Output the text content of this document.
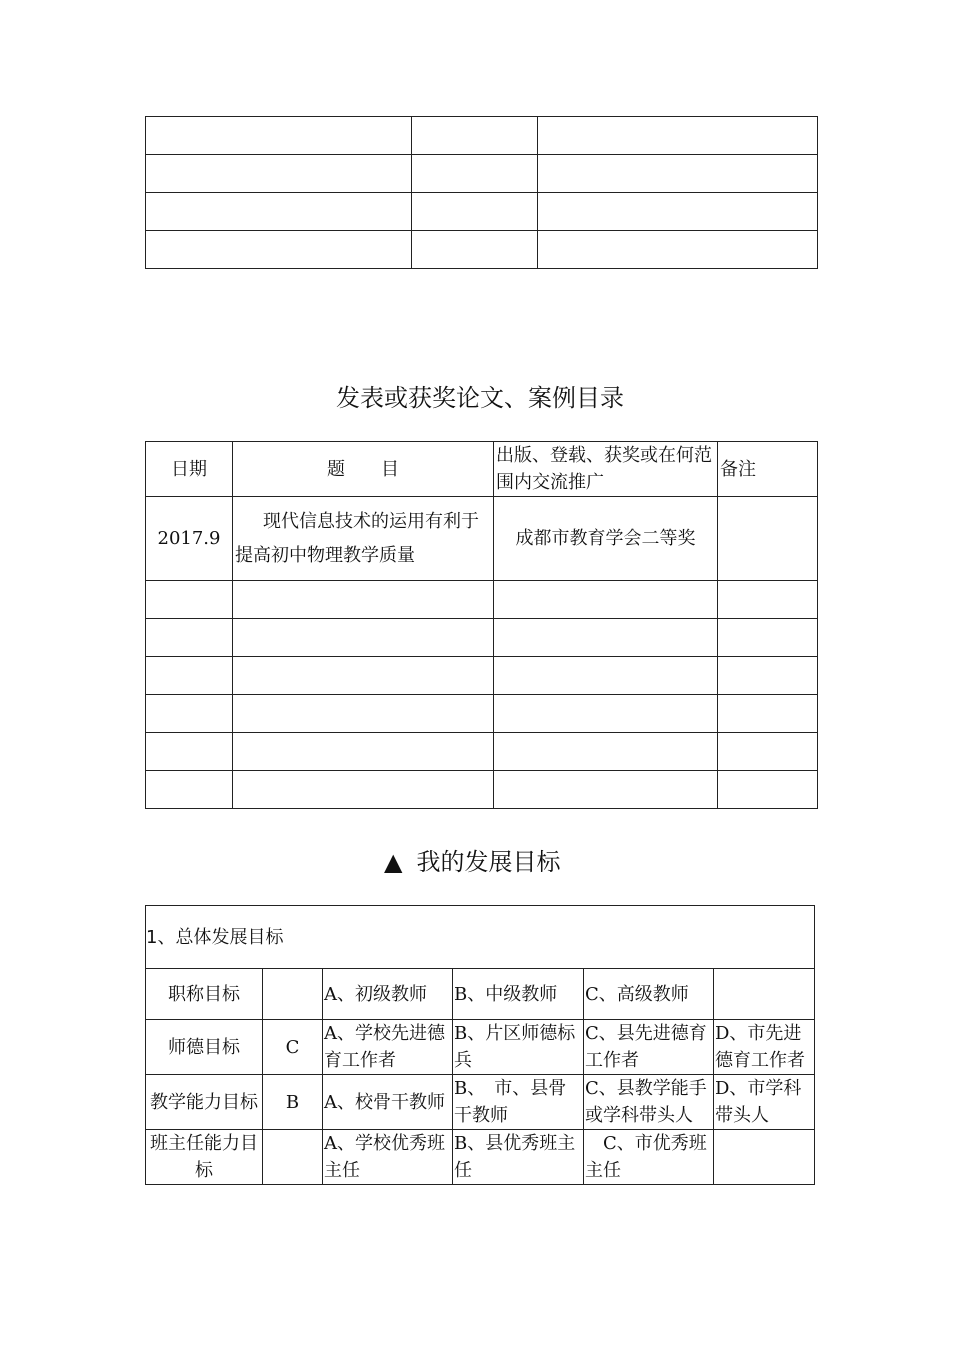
发表或获奖论文、案例目录
日期	题　　目	出版、登载、获奖或在何范围内交流推广	备注
2017.9	现代信息技术的运用有利于提高初中物理教学质量	成都市教育学会二等奖	

▲ 我的发展目标
1、总体发展目标					
职称目标		A、初级教师	B、中级教师	C、高级教师	
师德目标	C	A、学校先进德育工作者	B、片区师德标兵	C、县先进德育工作者	D、市先进德育工作者
教学能力目标	B	A、校骨干教师	B、　市、县骨干教师	C、县教学能手或学科带头人	D、市学科带头人
班主任能力目标		A、学校优秀班主任	B、县优秀班主任	　C、市优秀班主任	
